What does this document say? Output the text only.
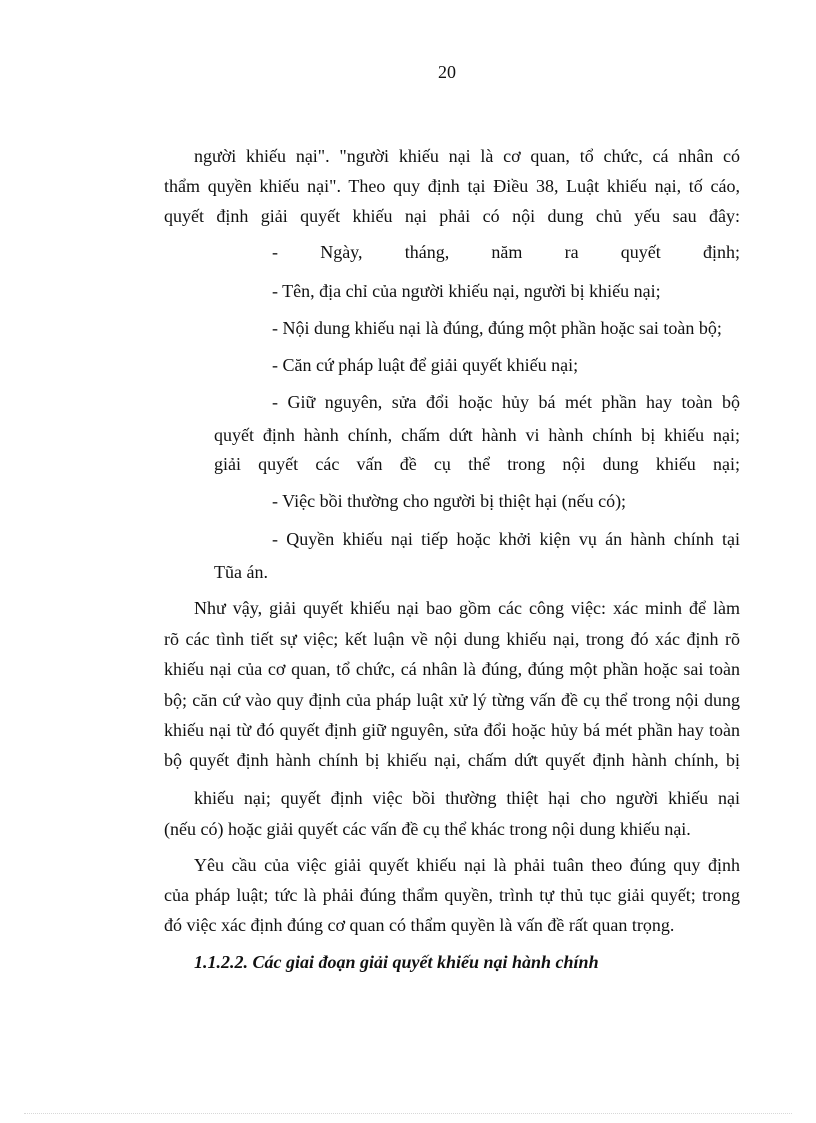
20
người khiếu nại". "người khiếu nại là cơ quan, tổ chức, cá nhân có
thẩm quyền khiếu nại". Theo quy định tại Điều 38, Luật khiếu nại, tố cáo,
quyết định giải quyết khiếu nại phải có nội dung chủ yếu sau đây:
- Ngày, tháng, năm ra quyết định;
- Tên, địa chỉ của người khiếu nại, người bị khiếu nại;
- Nội dung khiếu nại là đúng, đúng một phần hoặc sai toàn bộ;
- Căn cứ pháp luật để giải quyết khiếu nại;
- Giữ nguyên, sửa đổi hoặc hủy bá mét phần hay toàn bộ
quyết định hành chính, chấm dứt hành vi hành chính bị khiếu nại;
giải quyết các vấn đề cụ thể trong nội dung khiếu nại;
- Việc bồi thường cho người bị thiệt hại (nếu có);
- Quyền khiếu nại tiếp hoặc khởi kiện vụ án hành chính tại
Tũa án.
Như vậy, giải quyết khiếu nại bao gồm các công việc: xác minh để làm
rõ các tình tiết sự việc; kết luận về nội dung khiếu nại, trong đó xác định rõ
khiếu nại của cơ quan, tổ chức, cá nhân là đúng, đúng một phần hoặc sai toàn
bộ; căn cứ vào quy định của pháp luật xử lý từng vấn đề cụ thể trong nội dung
khiếu nại từ đó quyết định giữ nguyên, sửa đổi hoặc hủy bá mét phần hay toàn
bộ quyết định hành chính bị khiếu nại, chấm dứt quyết định hành chính, bị
khiếu nại; quyết định việc bồi thường thiệt hại cho người khiếu nại
(nếu có) hoặc giải quyết các vấn đề cụ thể khác trong nội dung khiếu nại.
Yêu cầu của việc giải quyết khiếu nại là phải tuân theo đúng quy định
của pháp luật; tức là phải đúng thẩm quyền, trình tự thủ tục giải quyết; trong
đó việc xác định đúng cơ quan có thẩm quyền là vấn đề rất quan trọng.
1.1.2.2. Các giai đoạn giải quyết khiếu nại hành chính
